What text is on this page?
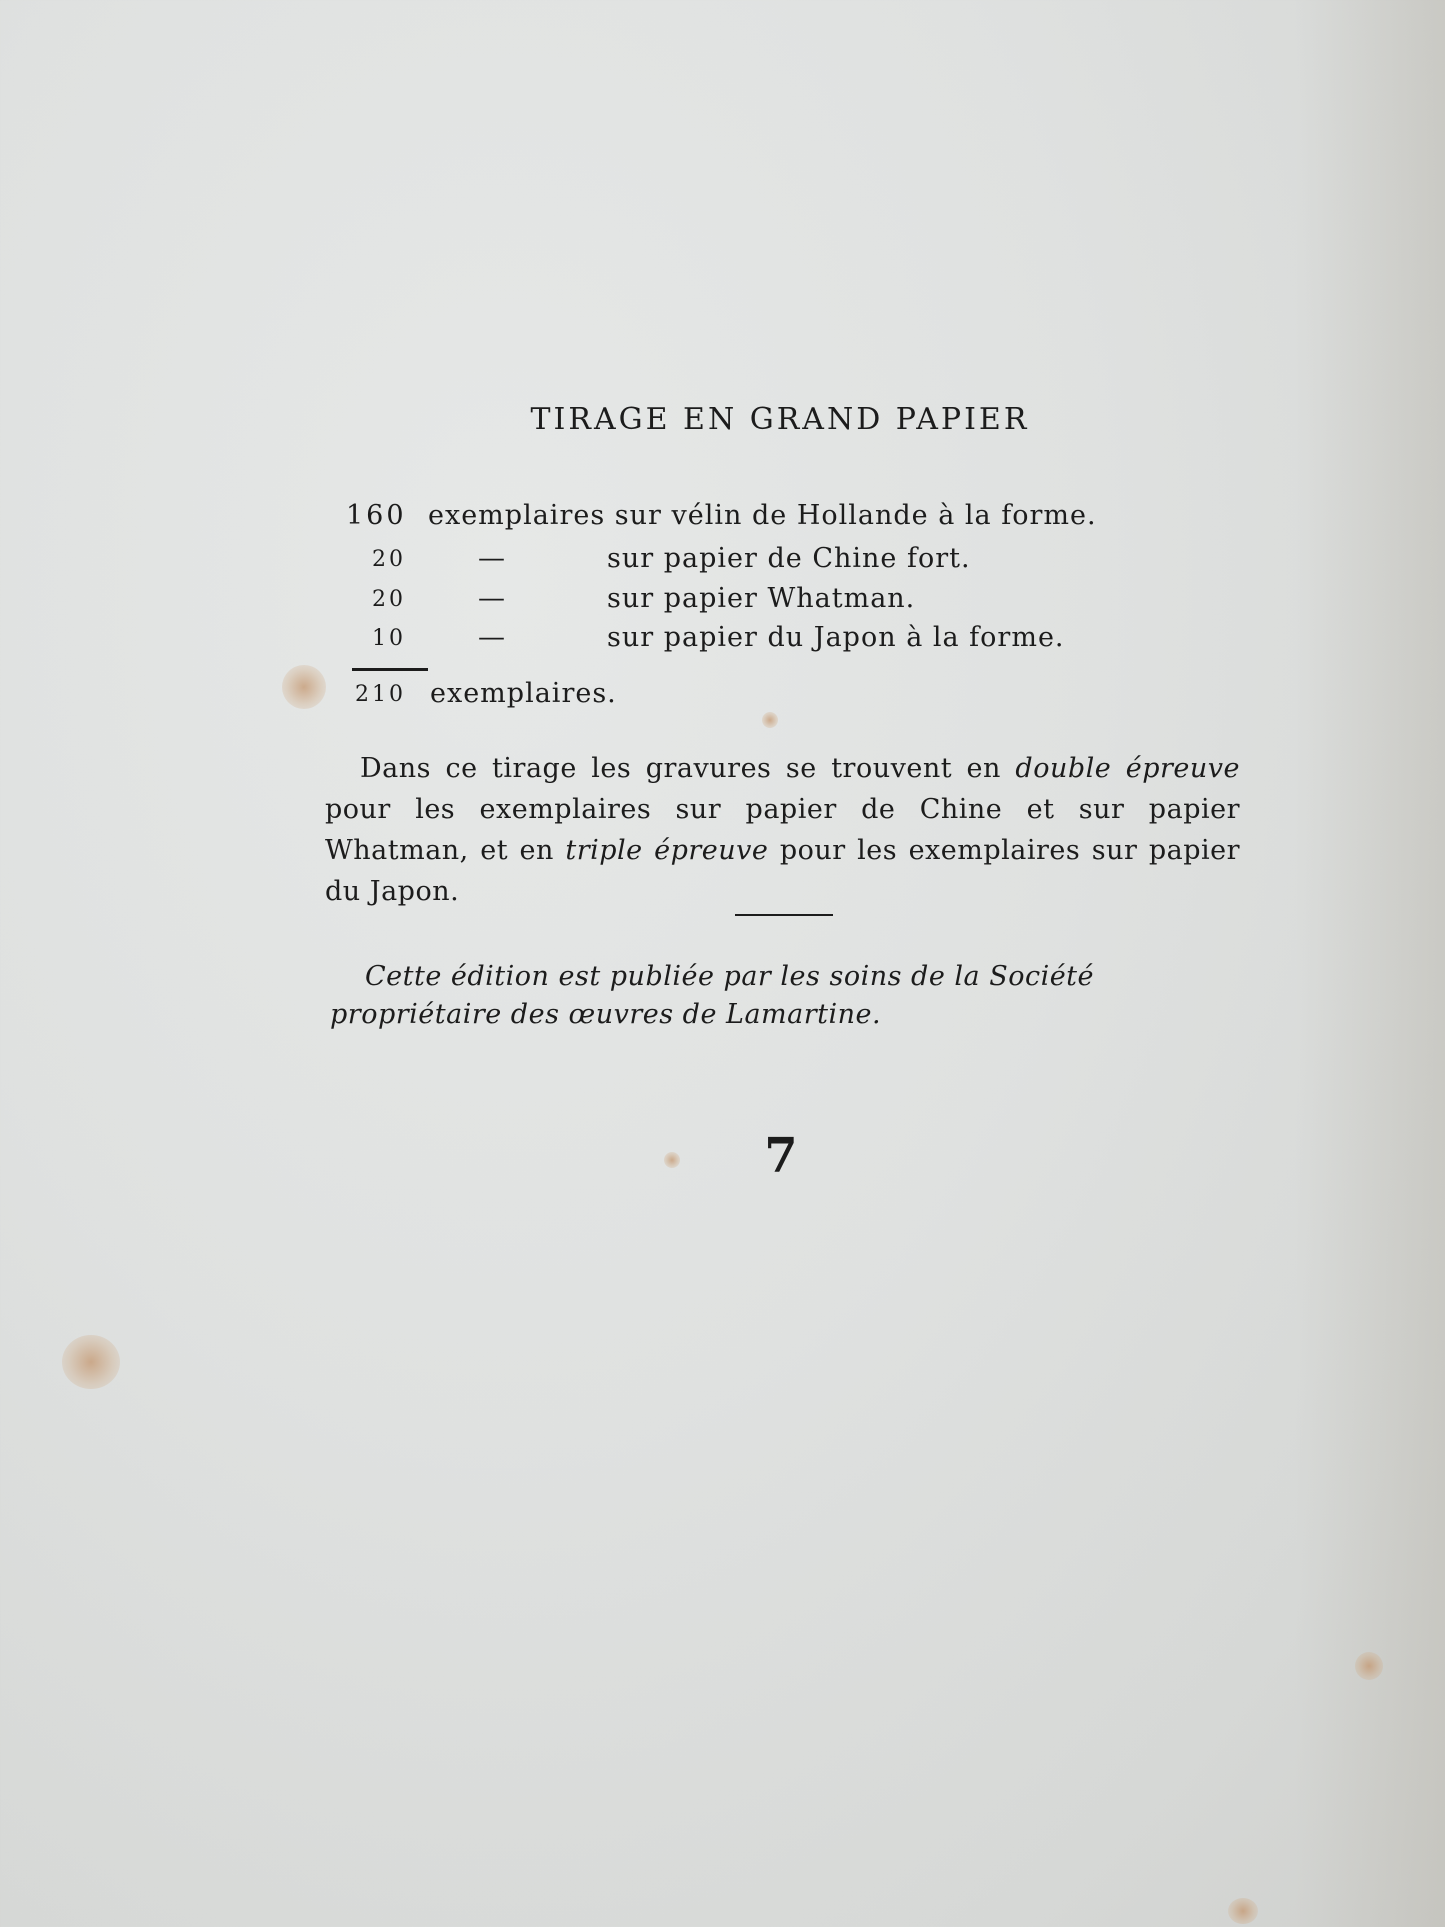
TIRAGE EN GRAND PAPIER
160 exemplaires sur vélin de Hollande à la forme.
20	—	sur papier de Chine fort.
20	—	sur papier Whatman.
10	—	sur papier du Japon à la forme.
210 exemplaires.
Dans ce tirage les gravures se trouvent en double épreuve pour les exemplaires sur papier de Chine et sur papier Whatman, et en triple épreuve pour les exemplaires sur papier du Japon.
Cette édition est publiée par les soins de la Société propriétaire des œuvres de Lamartine.
7
